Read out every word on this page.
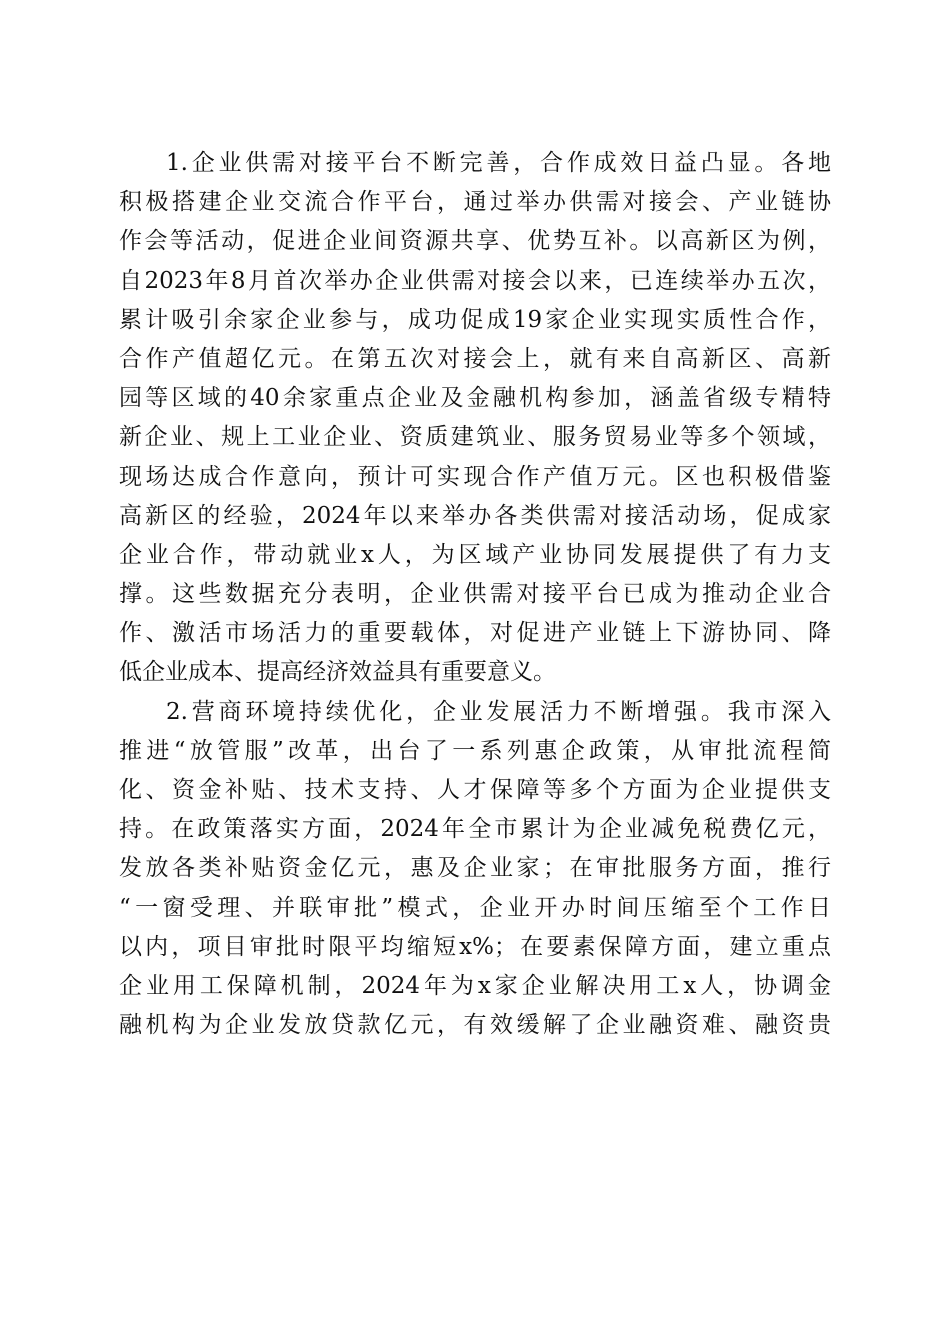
1.企业供需对接平台不断完善，合作成效日益凸显。各地
积极搭建企业交流合作平台，通过举办供需对接会、产业链协
作会等活动，促进企业间资源共享、优势互补。以高新区为例，
自2023年8月首次举办企业供需对接会以来，已连续举办五次，
累计吸引余家企业参与，成功促成19家企业实现实质性合作，
合作产值超亿元。在第五次对接会上，就有来自高新区、高新
园等区域的40余家重点企业及金融机构参加，涵盖省级专精特
新企业、规上工业企业、资质建筑业、服务贸易业等多个领域，
现场达成合作意向，预计可实现合作产值万元。区也积极借鉴
高新区的经验，2024年以来举办各类供需对接活动场，促成家
企业合作，带动就业x人，为区域产业协同发展提供了有力支
撑。这些数据充分表明，企业供需对接平台已成为推动企业合
作、激活市场活力的重要载体，对促进产业链上下游协同、降
低企业成本、提高经济效益具有重要意义。
2.营商环境持续优化，企业发展活力不断增强。我市深入
推进“放管服”改革，出台了一系列惠企政策，从审批流程简
化、资金补贴、技术支持、人才保障等多个方面为企业提供支
持。在政策落实方面，2024年全市累计为企业减免税费亿元，
发放各类补贴资金亿元，惠及企业家；在审批服务方面，推行
“一窗受理、并联审批”模式，企业开办时间压缩至个工作日
以内，项目审批时限平均缩短x%；在要素保障方面，建立重点
企业用工保障机制，2024年为x家企业解决用工x人，协调金
融机构为企业发放贷款亿元，有效缓解了企业融资难、融资贵
